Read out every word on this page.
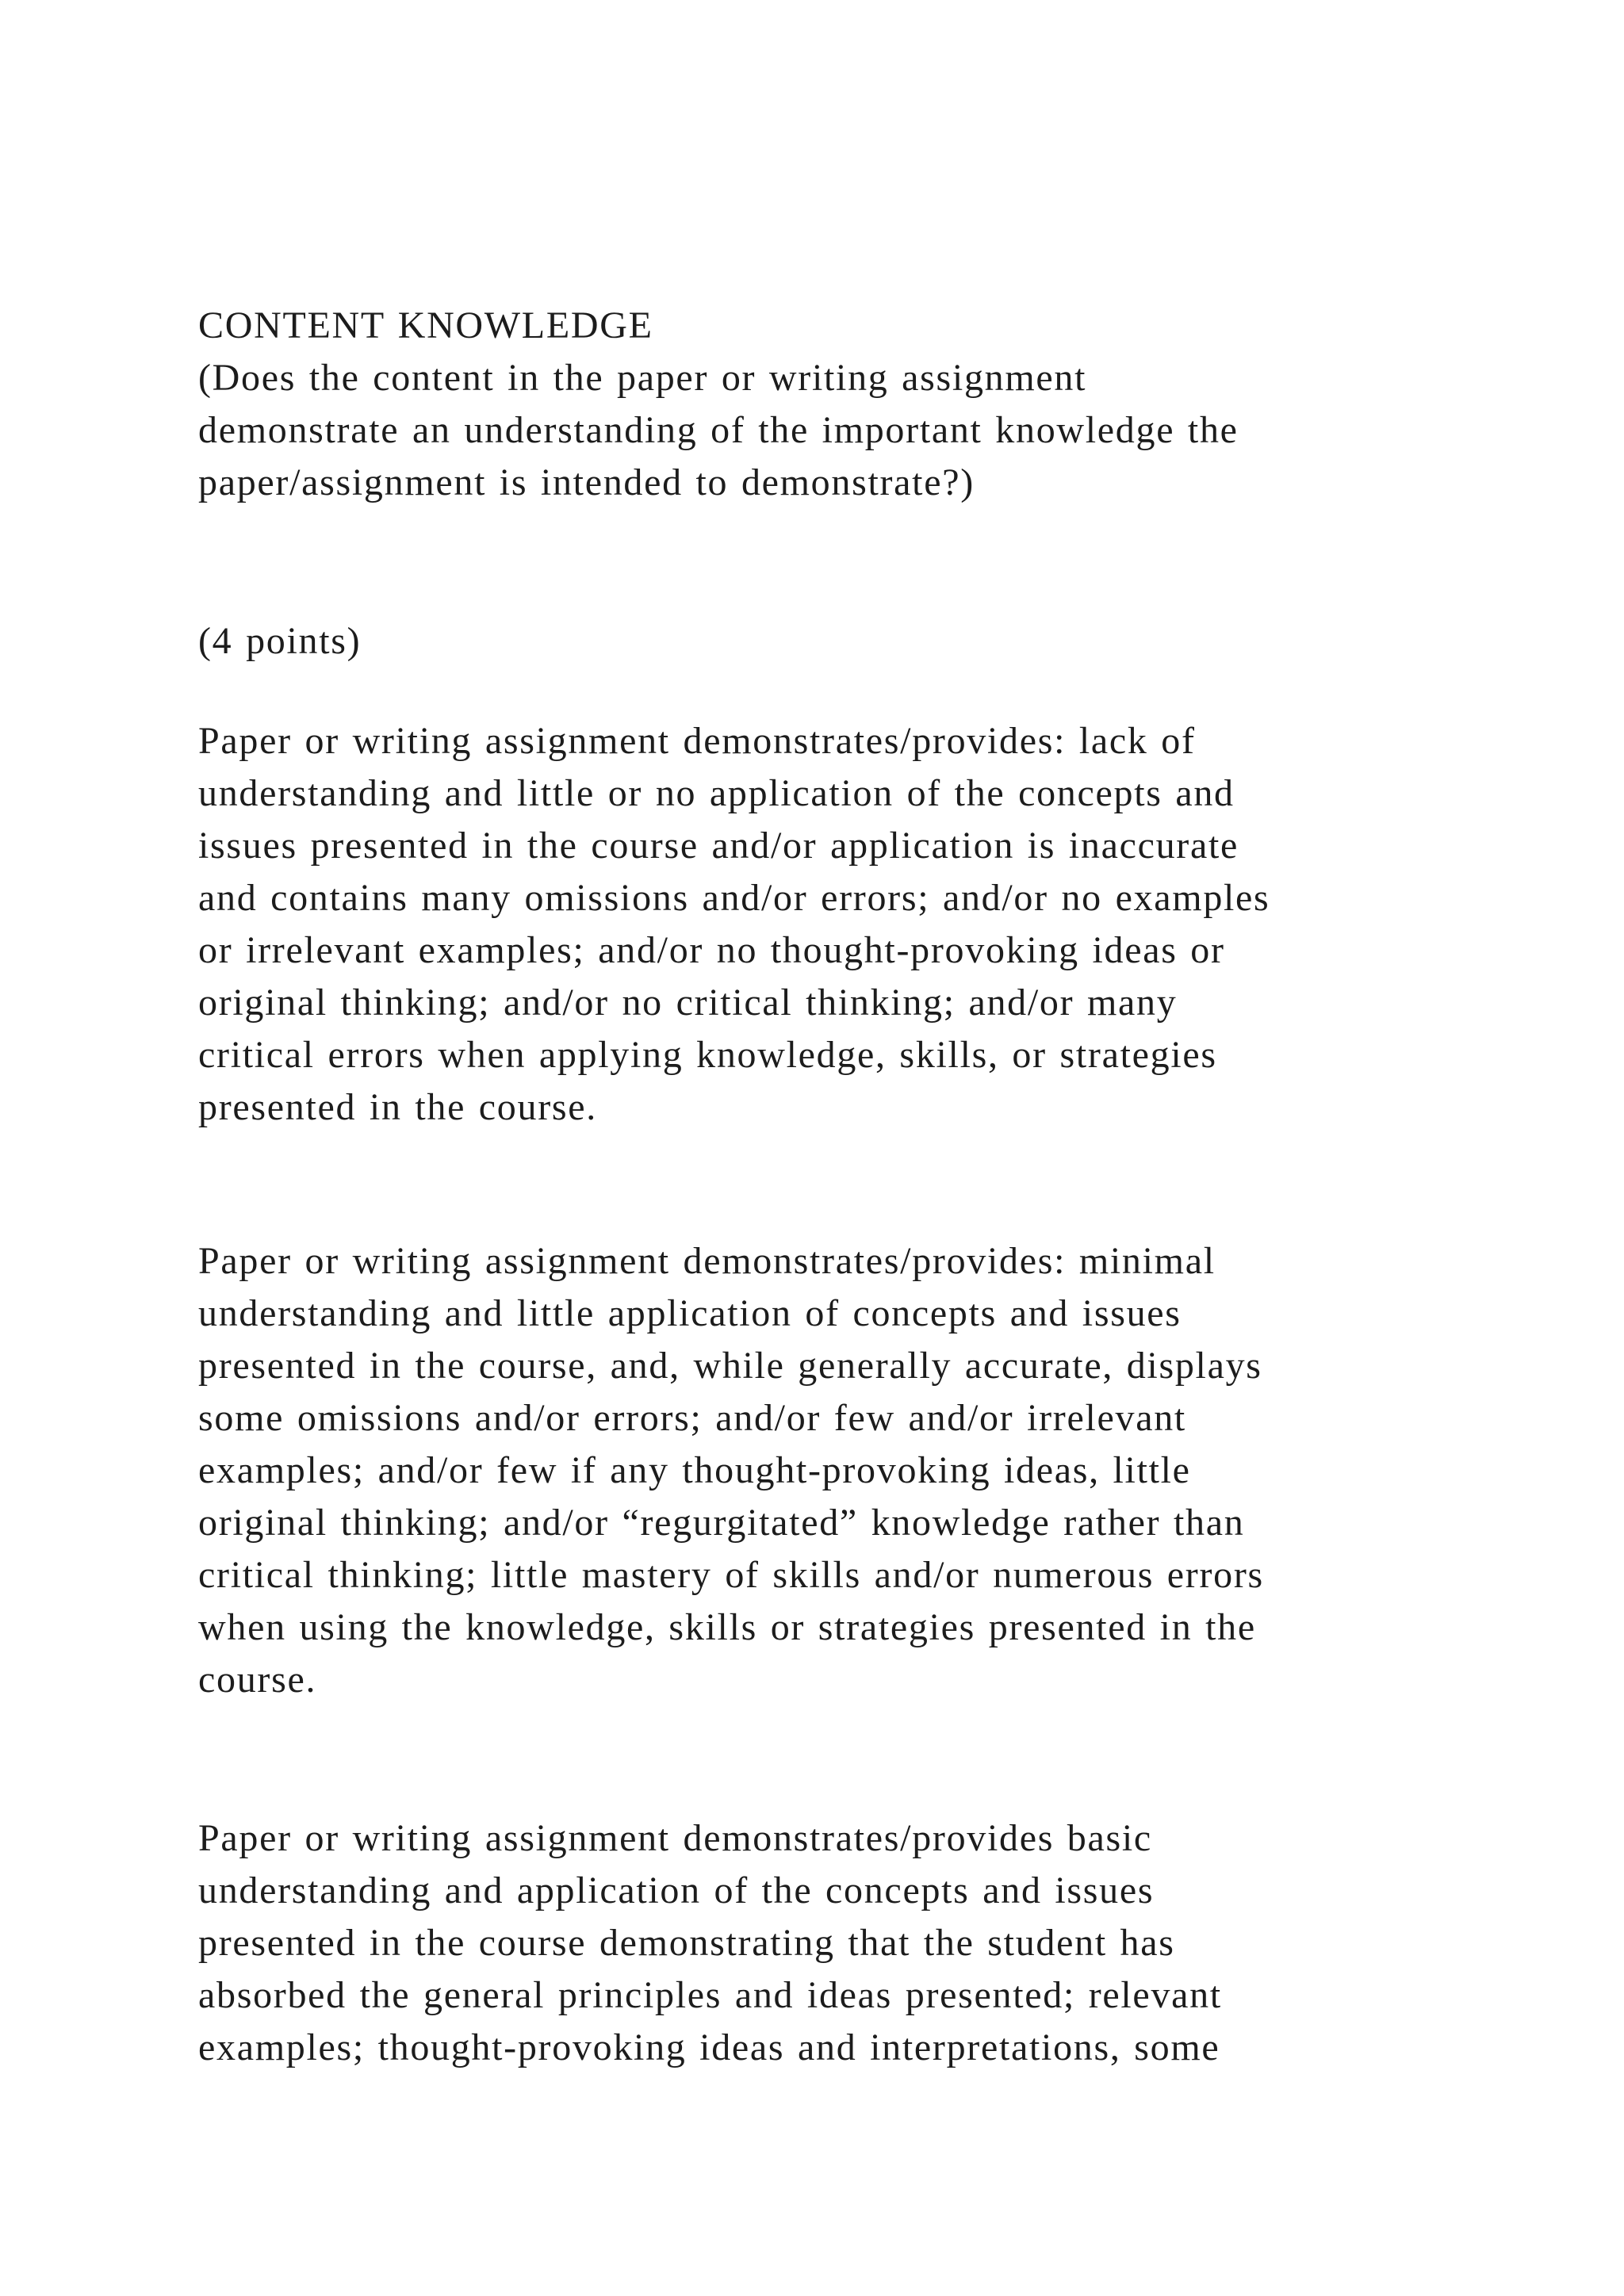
CONTENT KNOWLEDGE
(Does the content in the paper or writing assignment
demonstrate an understanding of the important knowledge the
paper/assignment is intended to demonstrate?)
(4 points)
Paper or writing assignment demonstrates/provides: lack of
understanding and little or no application of the concepts and
issues presented in the course and/or application is inaccurate
and contains many omissions and/or errors; and/or no examples
or irrelevant examples; and/or no thought-provoking ideas or
original thinking; and/or no critical thinking; and/or many
critical errors when applying knowledge, skills, or strategies
presented in the course.
Paper or writing assignment demonstrates/provides: minimal
understanding and little application of concepts and issues
presented in the course, and, while generally accurate, displays
some omissions and/or errors; and/or few and/or irrelevant
examples; and/or few if any thought-provoking ideas, little
original thinking; and/or “regurgitated” knowledge rather than
critical thinking; little mastery of skills and/or numerous errors
when using the knowledge, skills or strategies presented in the
course.
Paper or writing assignment demonstrates/provides basic
understanding and application of the concepts and issues
presented in the course demonstrating that the student has
absorbed the general principles and ideas presented; relevant
examples; thought-provoking ideas and interpretations, some
